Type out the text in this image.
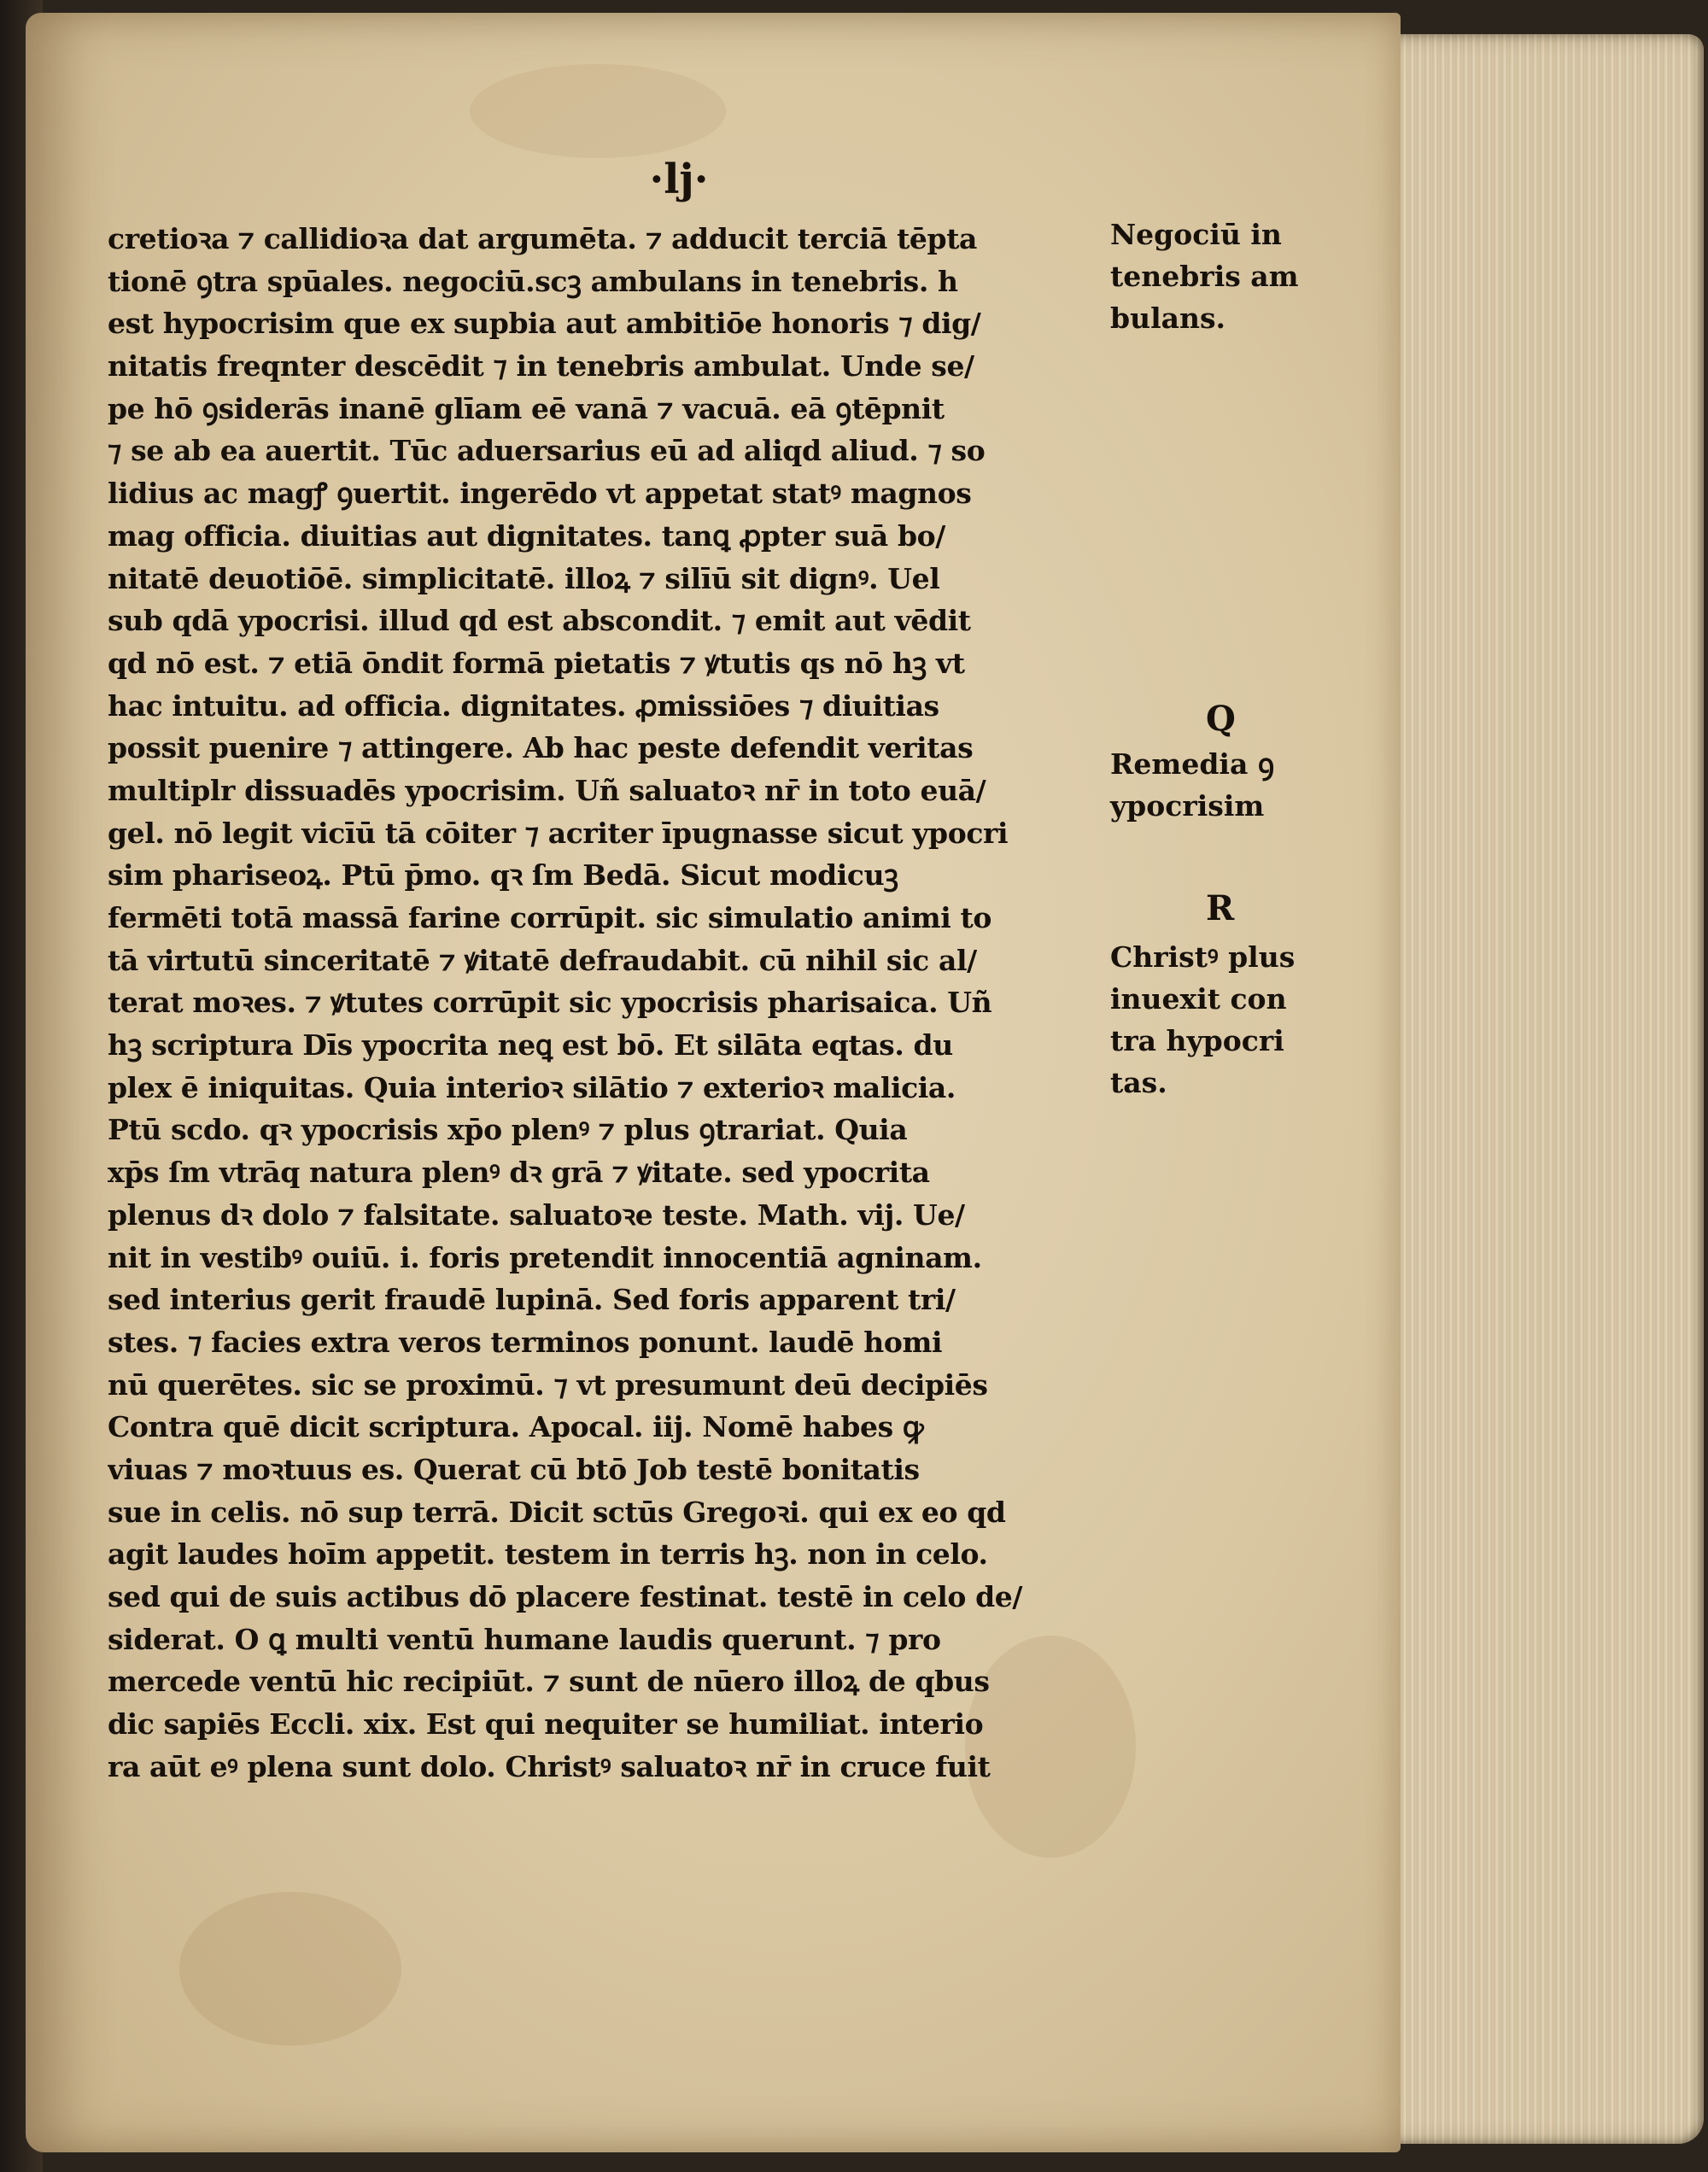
·lj·
cretioꝛa ⁊ callidioꝛa dat argumēta. ⁊ adducit terciā tēpta
tionē ꝯtra spūales. negociū.scꝫ ambulans in tenebris. h
est hypocrisim que ex supbia aut ambitiōe honoris ⁊ dig/
nitatis freqnter descēdit ⁊ in tenebris ambulat. Unde se/
pe hō ꝯsiderās inanē glīam eē vanā ⁊ vacuā. eā ꝯtēpnit
⁊ se ab ea auertit. Tūc aduersarius eū ad aliqd aliud. ⁊ so
lidius ac magꝭ ꝯuertit. ingerēdo vt appetat statꝰ magnos
mag officia. diuitias aut dignitates. tanꝗ ꝓpter suā bo/
nitatē deuotiōē. simplicitatē. illoꝝ ⁊ silīū sit dignꝰ. Uel
sub qdā ypocrisi. illud qd est abscondit. ⁊ emit aut vēdit
qd nō est. ⁊ etiā ōndit formā pietatis ⁊ ꝟtutis qs nō hꝫ vt
hac intuitu. ad officia. dignitates. ꝓmissiōes ⁊ diuitias
possit puenire ⁊ attingere. Ab hac peste defendit veritas
multiplr dissuadēs ypocrisim. Uñ saluatoꝛ nr̄ in toto euā/
gel. nō legit vicīū tā cōiter ⁊ acriter īpugnasse sicut ypocri
sim phariseoꝝ. Ptū p̄mo. qꝛ ſm Bedā. Sicut modicuꝫ
fermēti totā massā farine corrūpit. sic simulatio animi to
tā virtutū sinceritatē ⁊ ꝟitatē defraudabit. cū nihil sic al/
terat moꝛes. ⁊ ꝟtutes corrūpit sic ypocrisis pharisaica. Uñ
hꝫ scriptura Dīs ypocrita neꝗ est bō. Et silāta eqtas. du
plex ē iniquitas. Quia interioꝛ silātio ⁊ exterioꝛ malicia.
Ptū scdo. qꝛ ypocrisis xp̄o plenꝰ ⁊ plus ꝯtrariat. Quia
xp̄s ſm vtrāq natura plenꝰ dꝛ grā ⁊ ꝟitate. sed ypocrita
plenus dꝛ dolo ⁊ falsitate. saluatoꝛe teste. Math. vij. Ue/
nit in vestibꝰ ouiū. i. foris pretendit innocentiā agninam.
sed interius gerit fraudē lupinā. Sed foris apparent tri/
stes. ⁊ facies extra veros terminos ponunt. laudē homi
nū querētes. sic se proximū. ⁊ vt presumunt deū decipiēs
Contra quē dicit scriptura. Apocal. iij. Nomē habes ꝙ
viuas ⁊ moꝛtuus es. Querat cū btō Job testē bonitatis
sue in celis. nō sup terrā. Dicit sctūs Gregoꝛi. qui ex eo qd
agit laudes hoīm appetit. testem in terris hꝫ. non in celo.
sed qui de suis actibus dō placere festinat. testē in celo de/
siderat. O ꝗ multi ventū humane laudis querunt. ⁊ pro
mercede ventū hic recipiūt. ⁊ sunt de nūero illoꝝ de qbus
dic sapiēs Eccli. xix. Est qui nequiter se humiliat. interio
ra aūt eꝰ plena sunt dolo. Christꝰ saluatoꝛ nr̄ in cruce fuit
Negociū in
tenebris am
bulans.
Q
Remedia ꝯ
ypocrisim
R
Christꝰ plus
inuexit con
tra hypocri
tas.
